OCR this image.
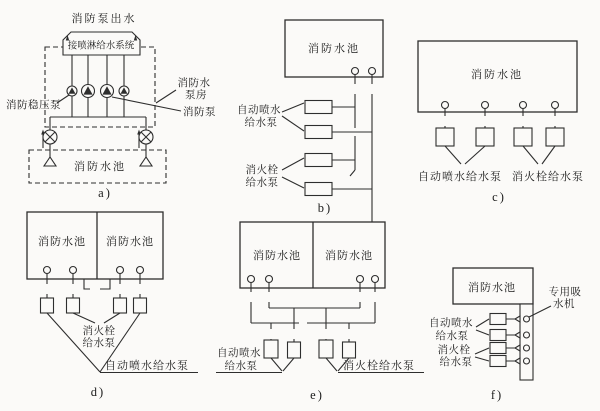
消防泵出水
接喷淋给水系统
消防稳压泵
消防水
泵房
消防泵
消防水池
a)
消防水池
自动喷水
给水泵
消火栓
给水泵
b)
消防水池
自动喷水给水泵 消火栓给水泵
c)
消防水池 消防水池
消火栓
给水泵
自动喷水给水泵
d)
消防水池 消防水池
自动喷水
给水泵	消火栓给水泵
e)
消防水池	专用吸
水机
自动喷水
给水泵
消火栓
给水泵
f)
